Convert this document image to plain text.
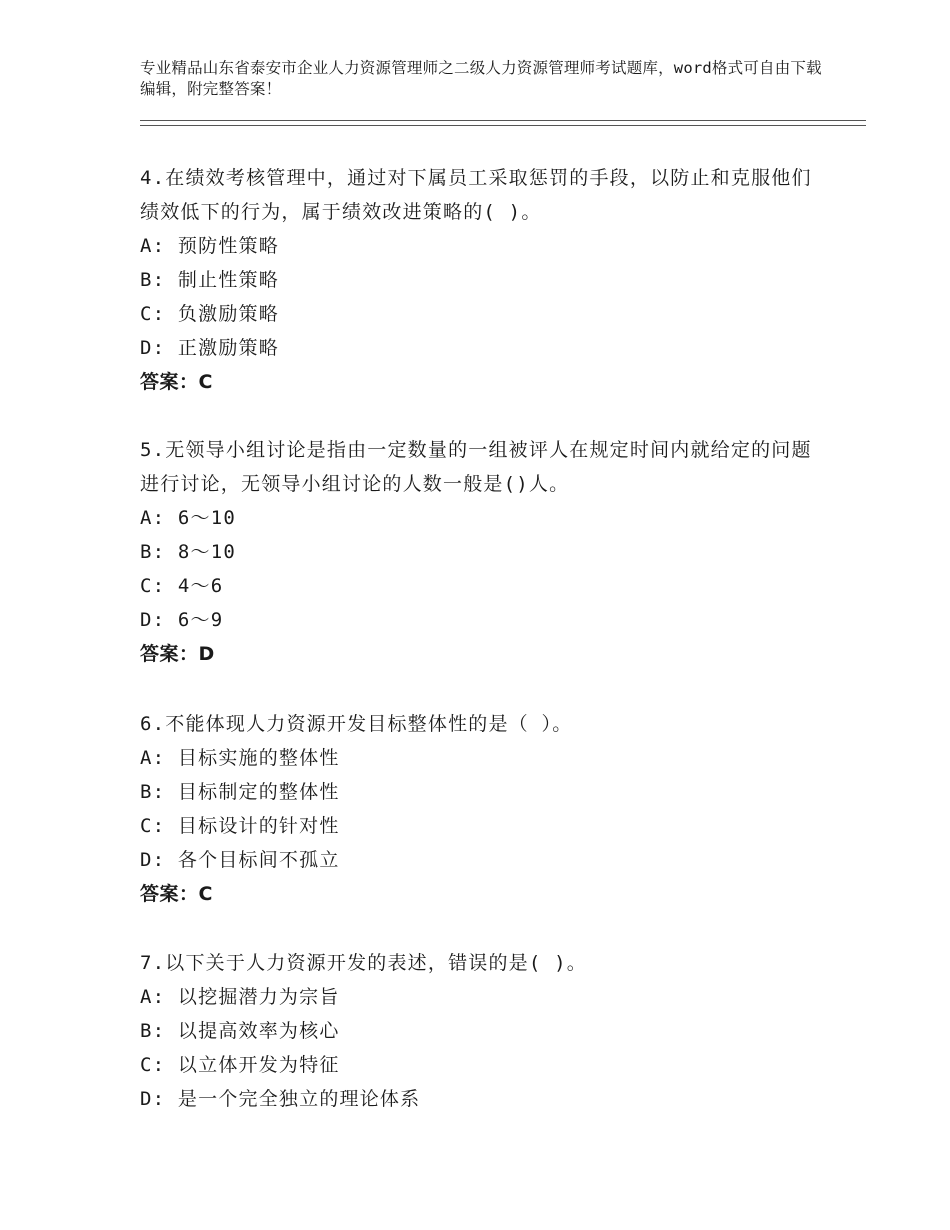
专业精品山东省泰安市企业人力资源管理师之二级人力资源管理师考试题库，word格式可自由下载编辑，附完整答案！

4.在绩效考核管理中，通过对下属员工采取惩罚的手段，以防止和克服他们绩效低下的行为，属于绩效改进策略的( )。

A: 预防性策略

B: 制止性策略

C: 负激励策略

D: 正激励策略

答案：C

5.无领导小组讨论是指由一定数量的一组被评人在规定时间内就给定的问题进行讨论，无领导小组讨论的人数一般是()人。

A: 6～10

B: 8～10

C: 4～6

D: 6～9

答案：D

6.不能体现人力资源开发目标整体性的是（ ）。

A: 目标实施的整体性

B: 目标制定的整体性

C: 目标设计的针对性

D: 各个目标间不孤立

答案：C

7.以下关于人力资源开发的表述，错误的是( )。

A: 以挖掘潜力为宗旨

B: 以提高效率为核心

C: 以立体开发为特征

D: 是一个完全独立的理论体系
